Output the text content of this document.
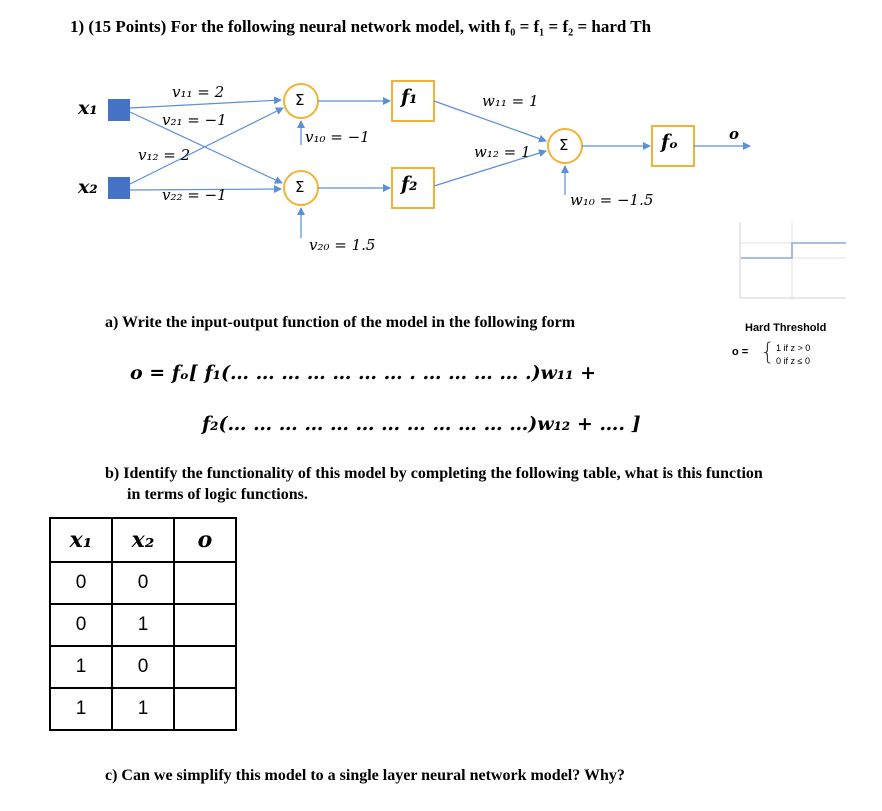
1) (15 Points) For the following neural network model, with f₀ = f₁ = f₂ = hard Th
x₁
x₂
v₁₁ = 2
v₂₁ = −1
v₁₂ = 2
v₂₂ = −1
v₁₀ = −1
v₂₀ = 1.5
Σ
Σ
Σ
f₁
f₂
fₒ
w₁₁ = 1
w₁₂ = 1
w₁₀ = −1.5
o
Hard Threshold
o = { 1 if z > 0
0 if z ≤ 0
a) Write the input-output function of the model in the following form
o = fₒ[ f₁(… … … … … … … . … … … … .)w₁₁ +
f₂(… … … … … … … … … … … …)w₁₂ + …. ]
b) Identify the functionality of this model by completing the following table, what is this function
in terms of logic functions.
x₁	x₂	o
0	0	
0	1	
1	0	
1	1	
c) Can we simplify this model to a single layer neural network model? Why?
